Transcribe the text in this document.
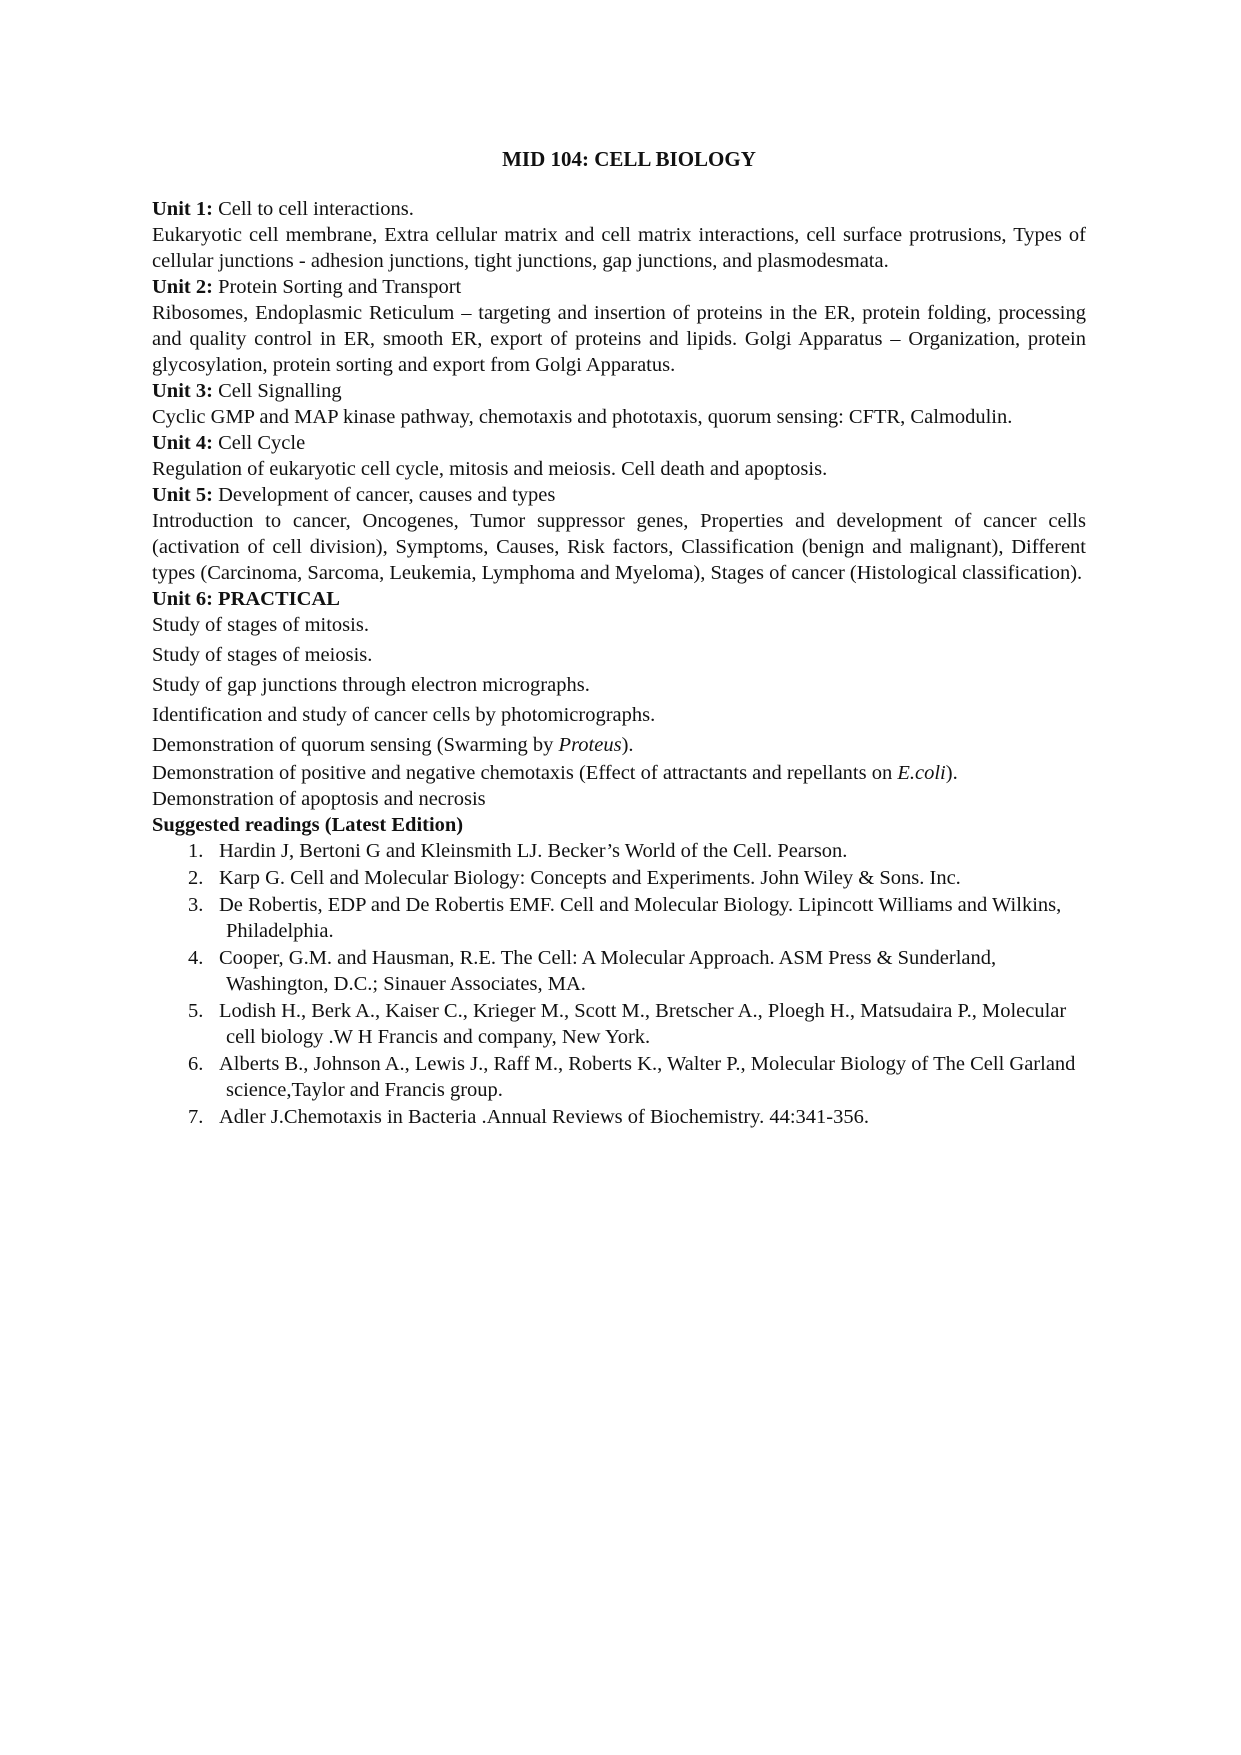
MID 104: CELL BIOLOGY

Unit 1: Cell to cell interactions.

Eukaryotic cell membrane, Extra cellular matrix and cell matrix interactions, cell surface protrusions, Types of cellular junctions - adhesion junctions, tight junctions, gap junctions, and plasmodesmata.

Unit 2: Protein Sorting and Transport

Ribosomes, Endoplasmic Reticulum – targeting and insertion of proteins in the ER, protein folding, processing and quality control in ER, smooth ER, export of proteins and lipids. Golgi Apparatus – Organization, protein glycosylation, protein sorting and export from Golgi Apparatus.

Unit 3: Cell Signalling

Cyclic GMP and MAP kinase pathway, chemotaxis and phototaxis, quorum sensing: CFTR, Calmodulin.

Unit 4: Cell Cycle

Regulation of eukaryotic cell cycle, mitosis and meiosis. Cell death and apoptosis.

Unit 5: Development of cancer, causes and types

Introduction to cancer, Oncogenes, Tumor suppressor genes, Properties and development of cancer cells (activation of cell division), Symptoms, Causes, Risk factors, Classification (benign and malignant), Different types (Carcinoma, Sarcoma, Leukemia, Lymphoma and Myeloma), Stages of cancer (Histological classification).

Unit 6: PRACTICAL

Study of stages of mitosis.

Study of stages of meiosis.

Study of gap junctions through electron micrographs.

Identification and study of cancer cells by photomicrographs.

Demonstration of quorum sensing (Swarming by Proteus).

Demonstration of positive and negative chemotaxis (Effect of attractants and repellants on E.coli).

Demonstration of apoptosis and necrosis

Suggested readings (Latest Edition)

1. Hardin J, Bertoni G and Kleinsmith LJ. Becker’s World of the Cell. Pearson.
2. Karp G. Cell and Molecular Biology: Concepts and Experiments. John Wiley & Sons. Inc.
3. De Robertis, EDP and De Robertis EMF. Cell and Molecular Biology. Lipincott Williams and Wilkins, Philadelphia.
4. Cooper, G.M. and Hausman, R.E. The Cell: A Molecular Approach. ASM Press & Sunderland, Washington, D.C.; Sinauer Associates, MA.
5. Lodish H., Berk A., Kaiser C., Krieger M., Scott M., Bretscher A., Ploegh H., Matsudaira P., Molecular cell biology .W H Francis and company, New York.
6. Alberts B., Johnson A., Lewis J., Raff M., Roberts K., Walter P., Molecular Biology of The Cell Garland science,Taylor and Francis group.
7. Adler J.Chemotaxis in Bacteria .Annual Reviews of Biochemistry. 44:341-356.
